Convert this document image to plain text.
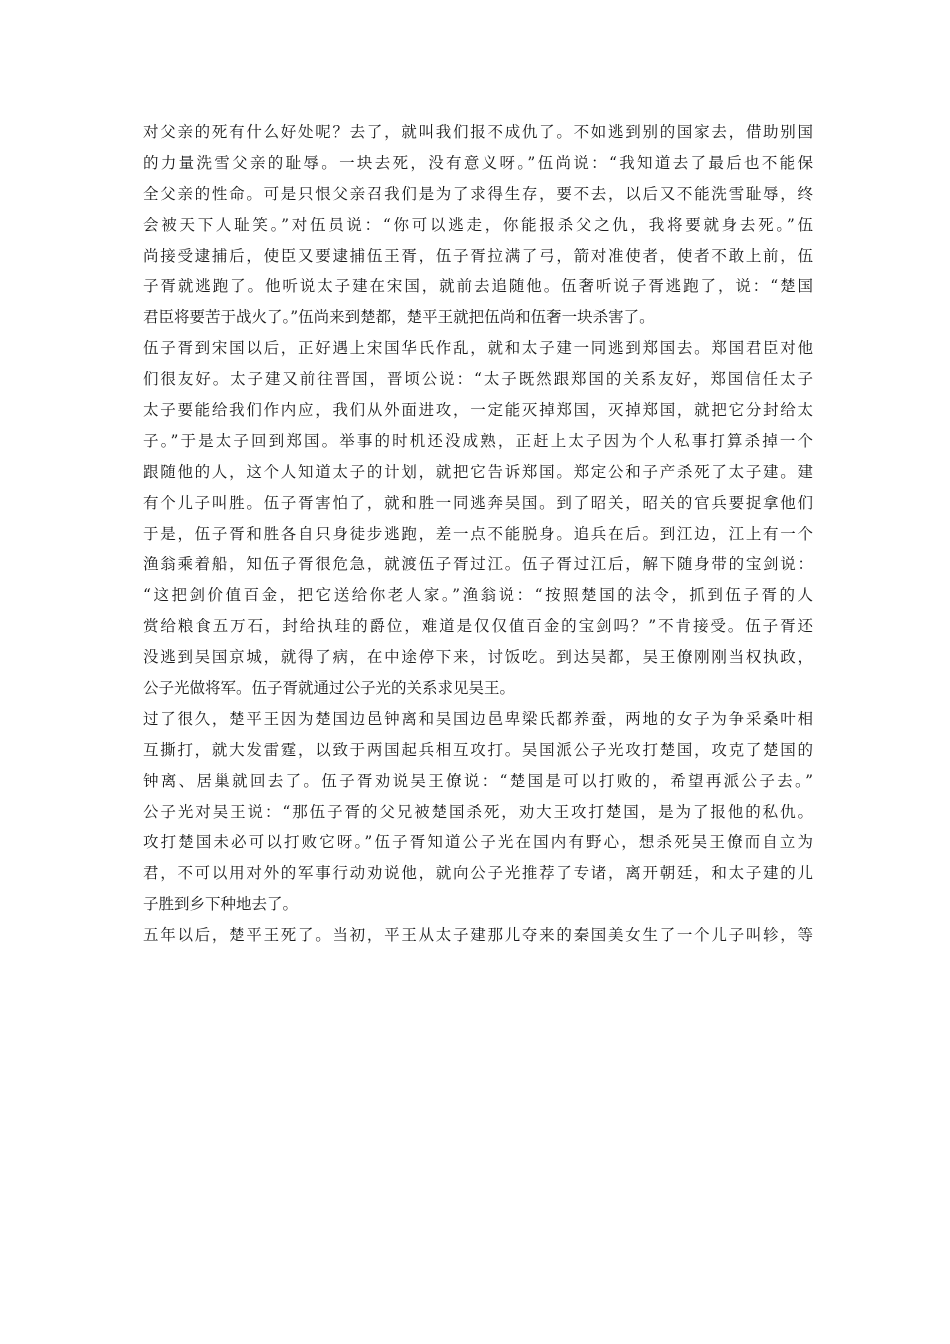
对父亲的死有什么好处呢？去了，就叫我们报不成仇了。不如逃到别的国家去，借助别国
的力量洗雪父亲的耻辱。一块去死，没有意义呀。”伍尚说：“我知道去了最后也不能保
全父亲的性命。可是只恨父亲召我们是为了求得生存，要不去，以后又不能洗雪耻辱，终
会被天下人耻笑。”对伍员说：“你可以逃走，你能报杀父之仇，我将要就身去死。”伍
尚接受逮捕后，使臣又要逮捕伍王胥，伍子胥拉满了弓，箭对准使者，使者不敢上前，伍
子胥就逃跑了。他听说太子建在宋国，就前去追随他。伍奢听说子胥逃跑了，说：“楚国
君臣将要苦于战火了。”伍尚来到楚都，楚平王就把伍尚和伍奢一块杀害了。
伍子胥到宋国以后，正好遇上宋国华氏作乱，就和太子建一同逃到郑国去。郑国君臣对他
们很友好。太子建又前往晋国，晋顷公说：“太子既然跟郑国的关系友好，郑国信任太子
太子要能给我们作内应，我们从外面进攻，一定能灭掉郑国，灭掉郑国，就把它分封给太
子。”于是太子回到郑国。举事的时机还没成熟，正赶上太子因为个人私事打算杀掉一个
跟随他的人，这个人知道太子的计划，就把它告诉郑国。郑定公和子产杀死了太子建。建
有个儿子叫胜。伍子胥害怕了，就和胜一同逃奔吴国。到了昭关，昭关的官兵要捉拿他们
于是，伍子胥和胜各自只身徒步逃跑，差一点不能脱身。追兵在后。到江边，江上有一个
渔翁乘着船，知伍子胥很危急，就渡伍子胥过江。伍子胥过江后，解下随身带的宝剑说：
“这把剑价值百金，把它送给你老人家。”渔翁说：“按照楚国的法令，抓到伍子胥的人
赏给粮食五万石，封给执珪的爵位，难道是仅仅值百金的宝剑吗？”不肯接受。伍子胥还
没逃到吴国京城，就得了病，在中途停下来，讨饭吃。到达吴都，吴王僚刚刚当权执政，
公子光做将军。伍子胥就通过公子光的关系求见吴王。
过了很久，楚平王因为楚国边邑钟离和吴国边邑卑梁氏都养蚕，两地的女子为争采桑叶相
互撕打，就大发雷霆，以致于两国起兵相互攻打。吴国派公子光攻打楚国，攻克了楚国的
钟离、居巢就回去了。伍子胥劝说吴王僚说：“楚国是可以打败的，希望再派公子去。”
公子光对吴王说：“那伍子胥的父兄被楚国杀死，劝大王攻打楚国，是为了报他的私仇。
攻打楚国未必可以打败它呀。”伍子胥知道公子光在国内有野心，想杀死吴王僚而自立为
君，不可以用对外的军事行动劝说他，就向公子光推荐了专诸，离开朝廷，和太子建的儿
子胜到乡下种地去了。
五年以后，楚平王死了。当初，平王从太子建那儿夺来的秦国美女生了一个儿子叫轸，等
